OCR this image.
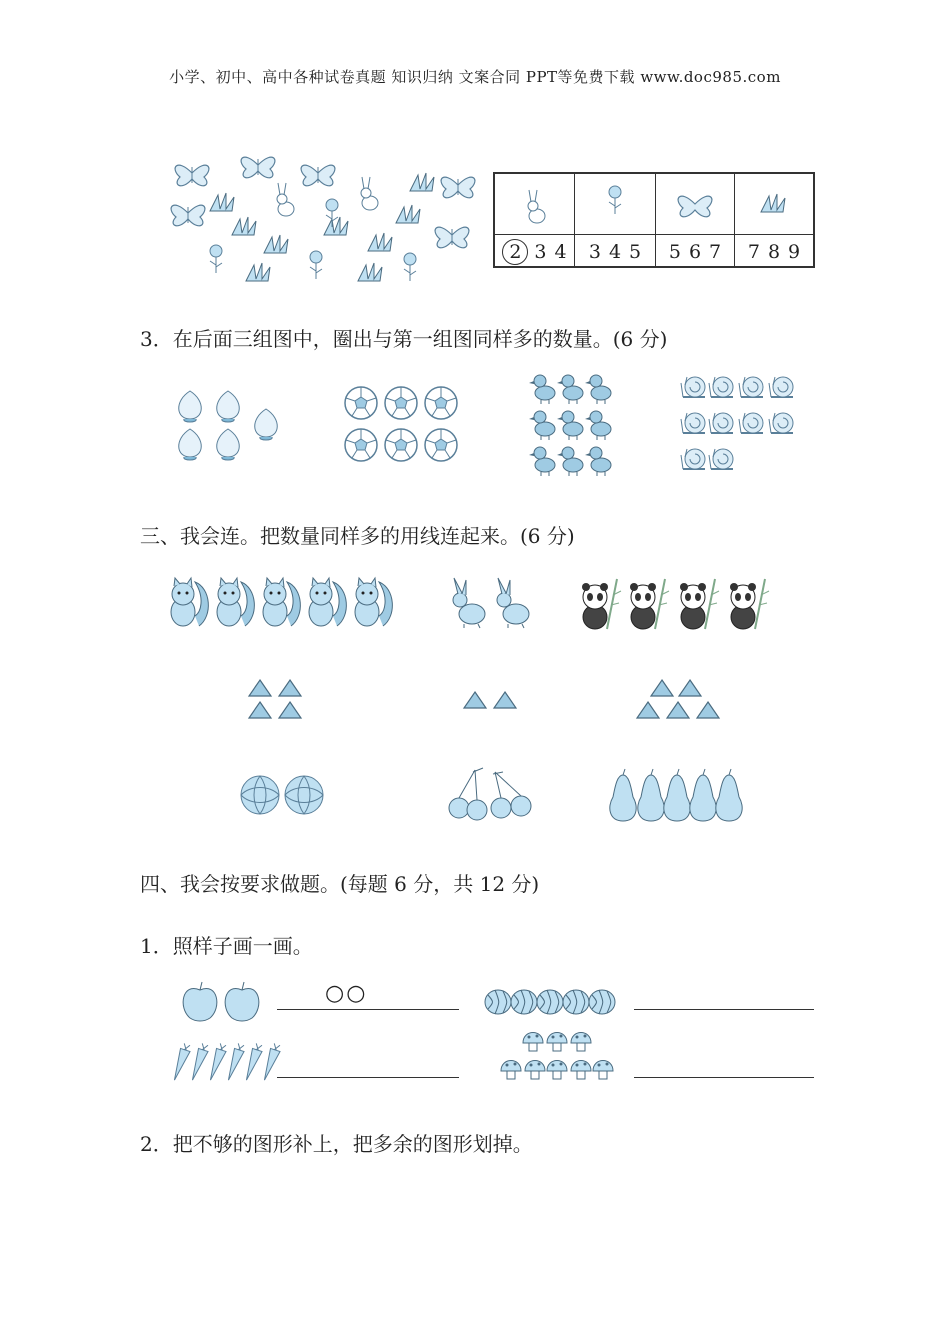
小学、初中、高中各种试卷真题 知识归纳 文案合同 PPT等免费下载 www.doc985.com
2 3 4	3 4 5	5 6 7	7 8 9
3．在后面三组图中，圈出与第一组图同样多的数量。(6 分)
三、我会连。把数量同样多的用线连起来。(6 分)
四、我会按要求做题。(每题 6 分，共 12 分)
1．照样子画一画。
○○
2．把不够的图形补上，把多余的图形划掉。
